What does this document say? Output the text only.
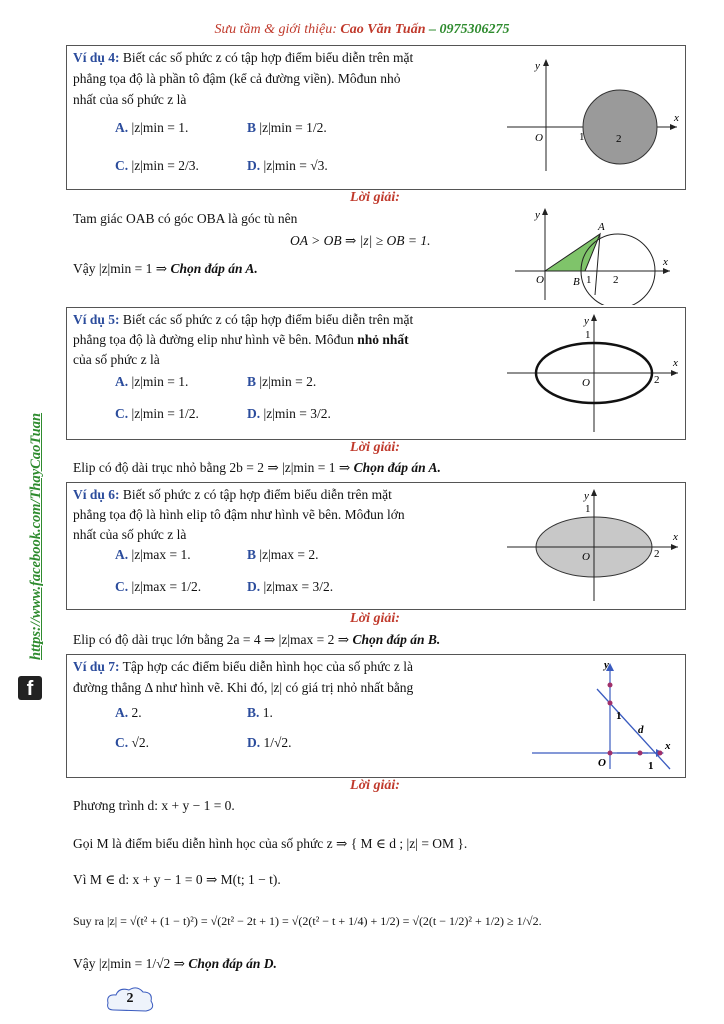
Sưu tầm & giới thiệu: Cao Văn Tuấn – 0975306275
https://www.facebook.com/ThayCaoTuan
f
Ví dụ 4: Biết các số phức z có tập hợp điểm biểu diễn trên mặt
phẳng tọa độ là phần tô đậm (kể cả đường viền). Môđun nhỏ
nhất của số phức z là
A. |z|min = 1.	B |z|min = 1/2.
C. |z|min = 2/3.	D. |z|min = √3.
y
x
O	1	2
Lời giải:
Tam giác OAB có góc OBA là góc tù nên
OA > OB ⇒ |z| ≥ OB = 1.
Vậy |z|min = 1 ⇒ Chọn đáp án A.
y
x
O
A
B 1 2
Ví dụ 5: Biết các số phức z có tập hợp điểm biểu diễn trên mặt
phẳng tọa độ là đường elip như hình vẽ bên. Môđun nhỏ nhất
của số phức z là
A. |z|min = 1.	B |z|min = 2.
C. |z|min = 1/2.	D. |z|min = 3/2.
y
x
O
1
2
Lời giải:
Elip có độ dài trục nhỏ bằng 2b = 2 ⇒ |z|min = 1 ⇒ Chọn đáp án A.
Ví dụ 6: Biết số phức z có tập hợp điểm biểu diễn trên mặt
phẳng tọa độ là hình elip tô đậm như hình vẽ bên. Môđun lớn
nhất của số phức z là
A. |z|max = 1.	B |z|max = 2.
C. |z|max = 1/2.	D. |z|max = 3/2.
y
x
O
1
2
Lời giải:
Elip có độ dài trục lớn bằng 2a = 4 ⇒ |z|max = 2 ⇒ Chọn đáp án B.
Ví dụ 7: Tập hợp các điểm biểu diễn hình học của số phức z là
đường thẳng Δ như hình vẽ. Khi đó, |z| có giá trị nhỏ nhất bằng
A. 2.	B. 1.
C. √2.	D. 1/√2.
y
x
O
1
1
d
Lời giải:
Phương trình d: x + y − 1 = 0.
Gọi M là điểm biểu diễn hình học của số phức z ⇒ { M ∈ d ; |z| = OM }.
Vì M ∈ d: x + y − 1 = 0 ⇒ M(t; 1 − t).
Suy ra |z| = √(t² + (1 − t)²) = √(2t² − 2t + 1) = √(2(t² − t + 1/4) + 1/2) = √(2(t − 1/2)² + 1/2) ≥ 1/√2.
Vậy |z|min = 1/√2 ⇒ Chọn đáp án D.
2
